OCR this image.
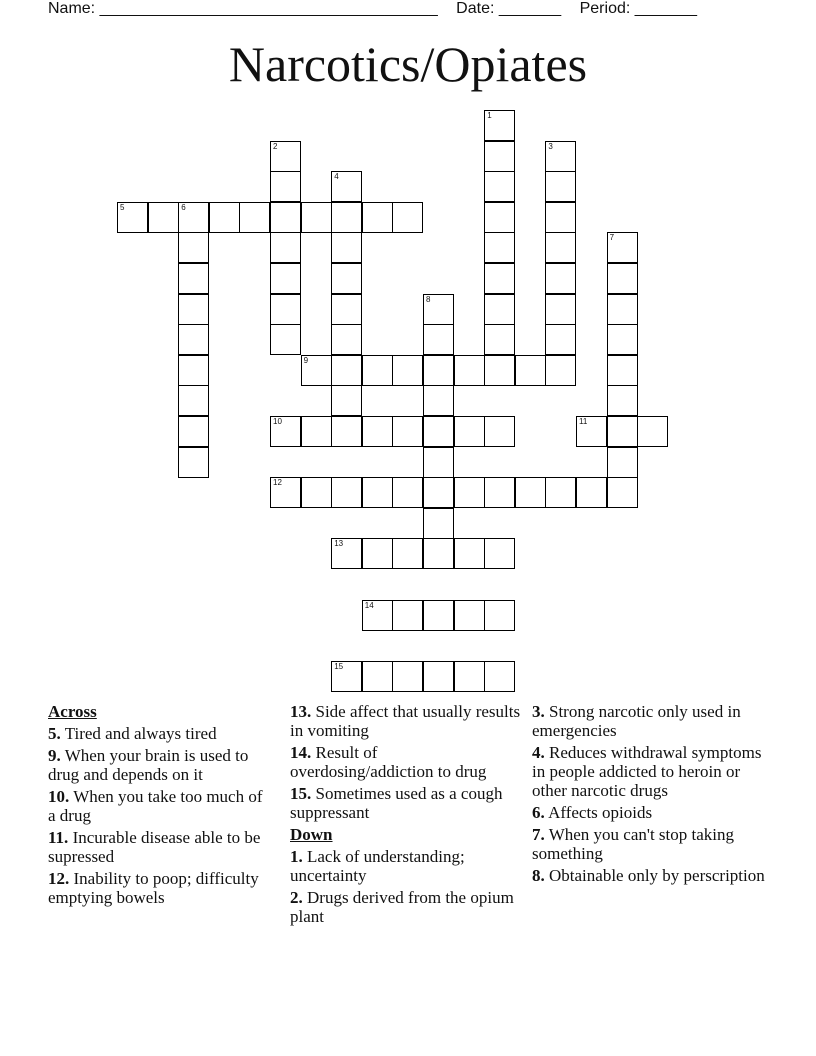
Name: ______________________________________ Date: _______ Period: _______
Narcotics/Opiates
1
2	3
4
5	6
7
8
9
10	11
12
13
14
15
Across
5. Tired and always tired
9. When your brain is used to drug and depends on it
10. When you take too much of a drug
11. Incurable disease able to be supressed
12. Inability to poop; difficulty emptying bowels
13. Side affect that usually results in vomiting
14. Result of overdosing/addiction to drug
15. Sometimes used as a cough suppressant
Down
1. Lack of understanding; uncertainty
2. Drugs derived from the opium plant
3. Strong narcotic only used in emergencies
4. Reduces withdrawal symptoms in people addicted to heroin or other narcotic drugs
6. Affects opioids
7. When you can't stop taking something
8. Obtainable only by perscription
